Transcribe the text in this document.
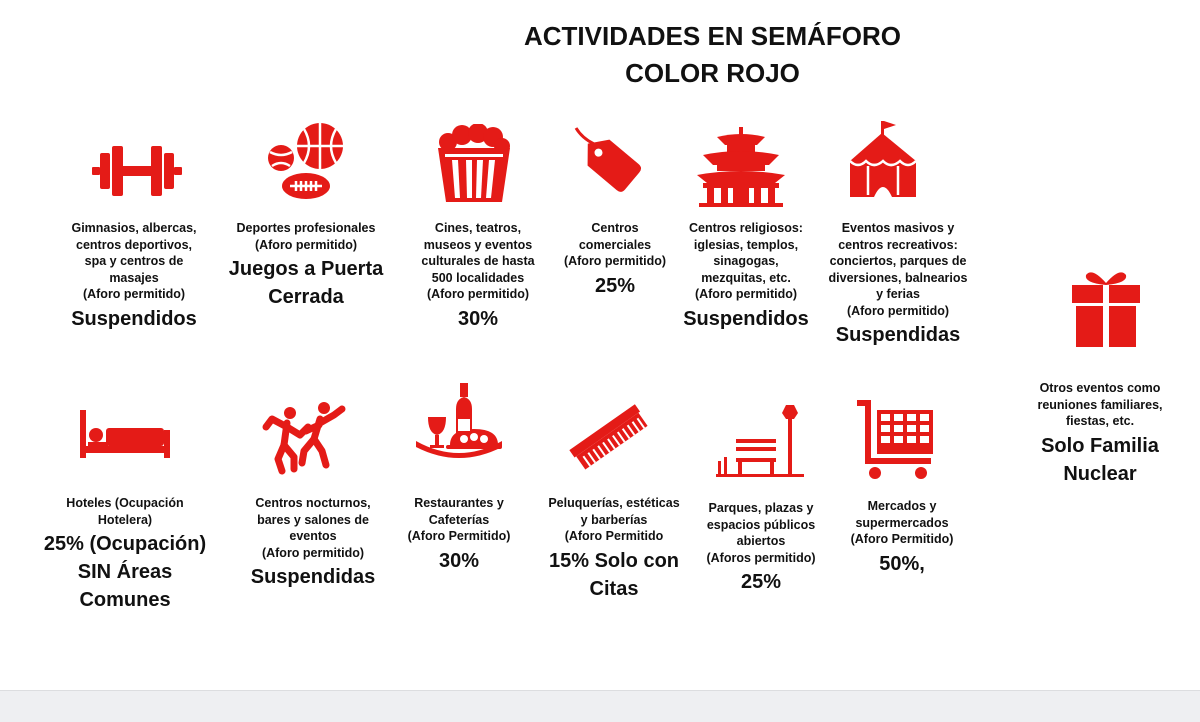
ACTIVIDADES EN SEMÁFORO
COLOR ROJO
Gimnasios, albercas,
centros deportivos,
spa y centros de
masajes
(Aforo permitido)
Suspendidos
Deportes profesionales
(Aforo permitido)
Juegos a Puerta
Cerrada
Cines, teatros,
museos y eventos
culturales de hasta
500 localidades
(Aforo permitido)
30%
Centros
comerciales
(Aforo permitido)
25%
Centros religiosos:
iglesias, templos,
sinagogas,
mezquitas, etc.
(Aforo permitido)
Suspendidos
Eventos masivos y
centros recreativos:
conciertos, parques de
diversiones, balnearios
y ferias
(Aforo permitido)
Suspendidas
Hoteles (Ocupación
Hotelera)
25% (Ocupación)
SIN Áreas
Comunes
Centros nocturnos,
bares y salones de
eventos
(Aforo permitido)
Suspendidas
Restaurantes y
Cafeterías
(Aforo Permitido)
30%
Peluquerías, estéticas
y barberías
(Aforo Permitido
15% Solo con
Citas
Parques, plazas y
espacios públicos
abiertos
(Aforos permitido)
25%
Mercados y
supermercados
(Aforo Permitido)
50%,
Otros eventos como
reuniones familiares,
fiestas, etc.
Solo Familia
Nuclear
